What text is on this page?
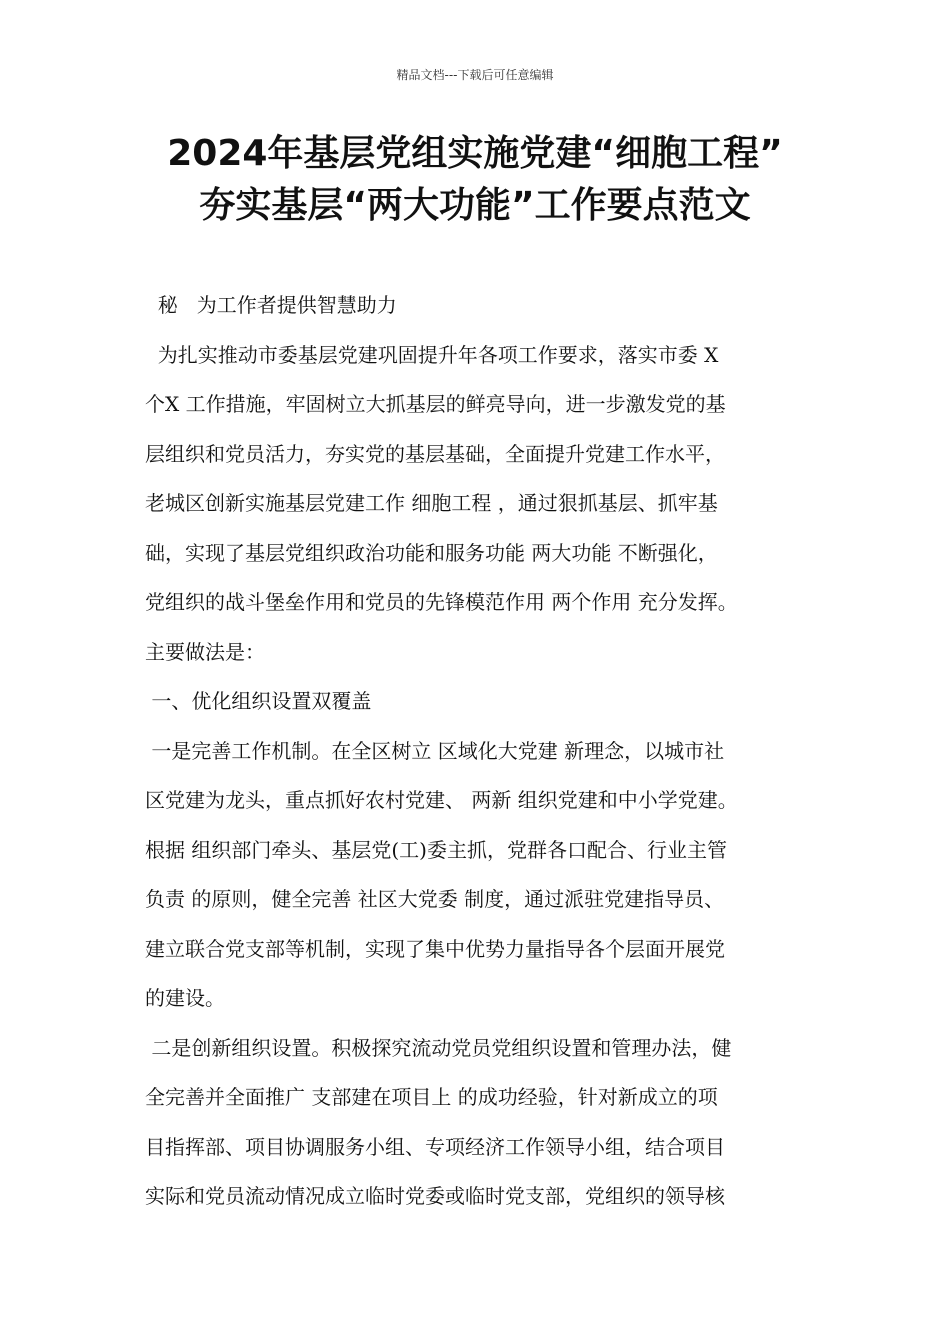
精品文档---下载后可任意编辑
2024年基层党组实施党建“细胞工程”
夯实基层“两大功能”工作要点范文
秘   为工作者提供智慧助力
为扎实推动市委基层党建巩固提升年各项工作要求，落实市委 X
个X 工作措施，牢固树立大抓基层的鲜亮导向，进一步激发党的基
层组织和党员活力，夯实党的基层基础，全面提升党建工作水平，
老城区创新实施基层党建工作 细胞工程 ，通过狠抓基层、抓牢基
础，实现了基层党组织政治功能和服务功能 两大功能 不断强化，
党组织的战斗堡垒作用和党员的先锋模范作用 两个作用 充分发挥。
主要做法是：
一、优化组织设置双覆盖
一是完善工作机制。在全区树立 区域化大党建 新理念，以城市社
区党建为龙头，重点抓好农村党建、 两新 组织党建和中小学党建。
根据 组织部门牵头、基层党(工)委主抓，党群各口配合、行业主管
负责 的原则，健全完善 社区大党委 制度，通过派驻党建指导员、
建立联合党支部等机制，实现了集中优势力量指导各个层面开展党
的建设。
二是创新组织设置。积极探究流动党员党组织设置和管理办法，健
全完善并全面推广 支部建在项目上 的成功经验，针对新成立的项
目指挥部、项目协调服务小组、专项经济工作领导小组，结合项目
实际和党员流动情况成立临时党委或临时党支部，党组织的领导核
